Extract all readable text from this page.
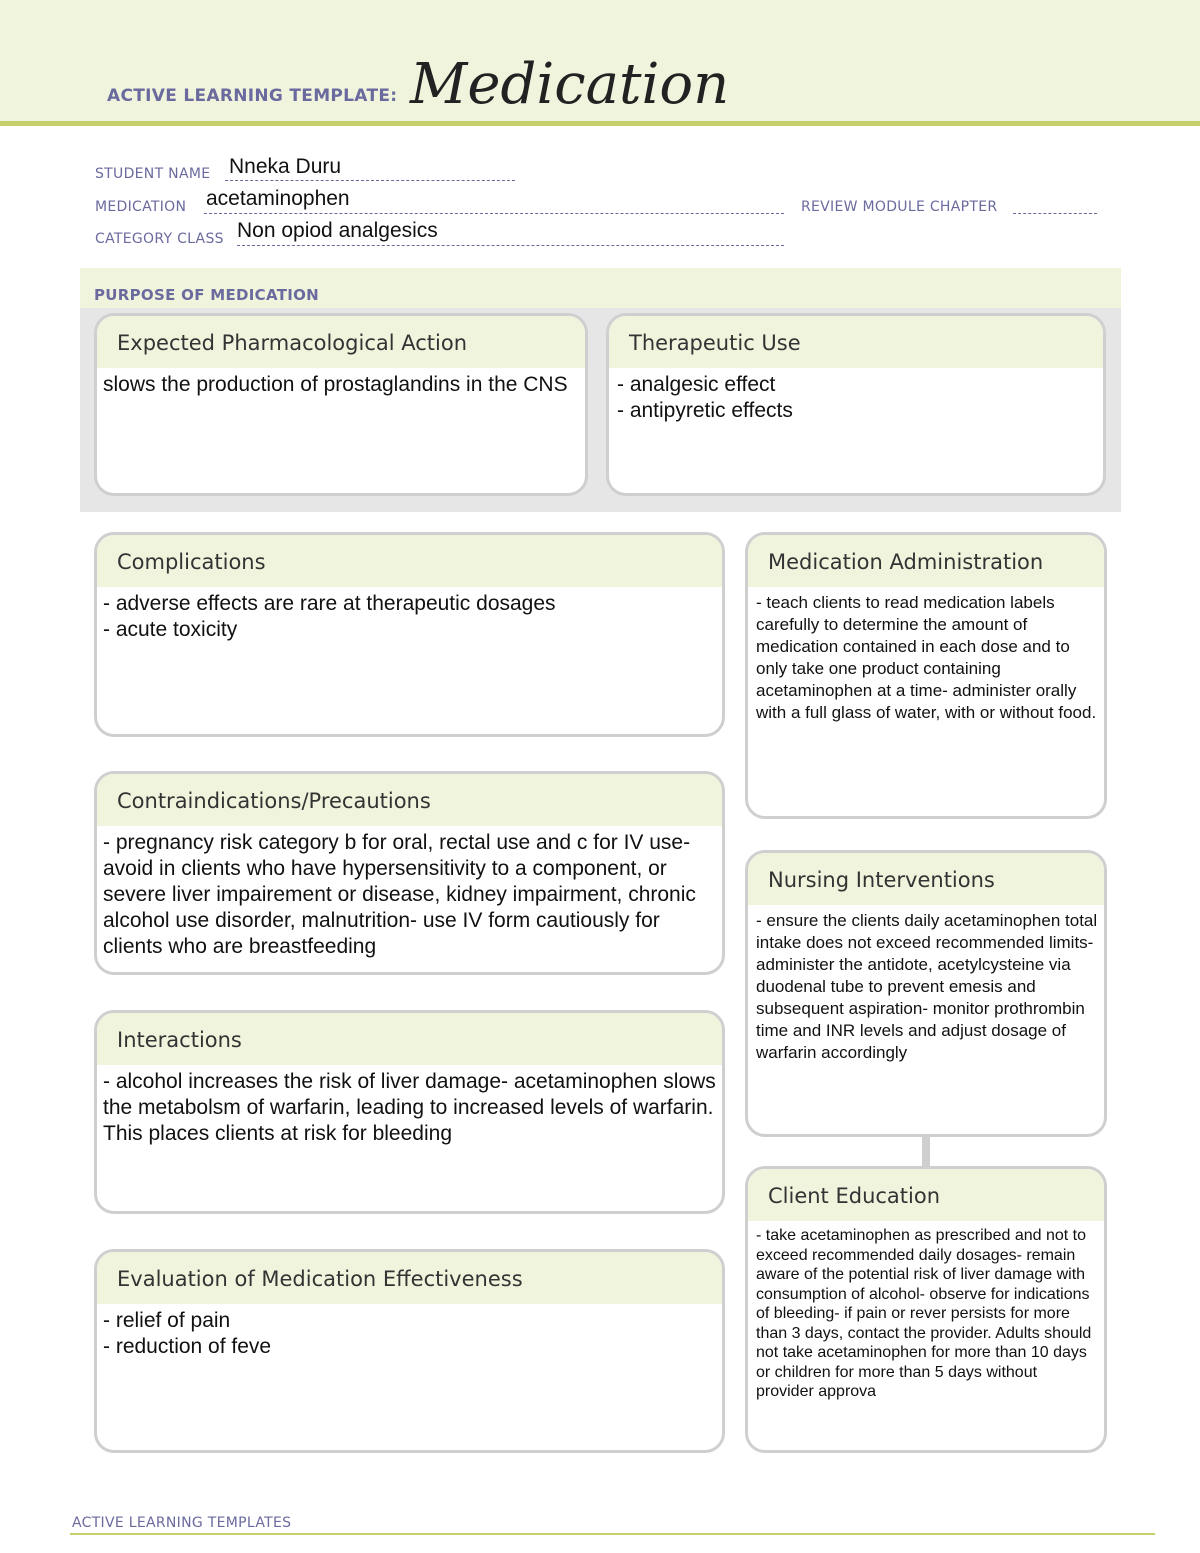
ACTIVE LEARNING TEMPLATE: Medication
STUDENT NAME Nneka Duru
MEDICATION acetaminophen	REVIEW MODULE CHAPTER
CATEGORY CLASS Non opiod analgesics
PURPOSE OF MEDICATION
Expected Pharmacological Action
slows the production of prostaglandins in the CNS
Therapeutic Use
- analgesic effect
- antipyretic effects
Complications
- adverse effects are rare at therapeutic dosages
- acute toxicity
Contraindications/Precautions
- pregnancy risk category b for oral, rectal use and c for IV use- avoid in clients who have hypersensitivity to a component, or severe liver impairement or disease, kidney impairment, chronic alcohol use disorder, malnutrition- use IV form cautiously for clients who are breastfeeding
Interactions
- alcohol increases the risk of liver damage- acetaminophen slows the metabolsm of warfarin, leading to increased levels of warfarin. This places clients at risk for bleeding
Evaluation of Medication Effectiveness
- relief of pain
- reduction of feve
Medication Administration
- teach clients to read medication labels carefully to determine the amount of medication contained in each dose and to only take one product containing acetaminophen at a time- administer orally with a full glass of water, with or without food.
Nursing Interventions
- ensure the clients daily acetaminophen total intake does not exceed recommended limits- administer the antidote, acetylcysteine via duodenal tube to prevent emesis and subsequent aspiration- monitor prothrombin time and INR levels and adjust dosage of warfarin accordingly
Client Education
- take acetaminophen as prescribed and not to exceed recommended daily dosages- remain aware of the potential risk of liver damage with consumption of alcohol- observe for indications of bleeding- if pain or rever persists for more than 3 days, contact the provider. Adults should not take acetaminophen for more than 10 days or children for more than 5 days without provider approva
ACTIVE LEARNING TEMPLATES
